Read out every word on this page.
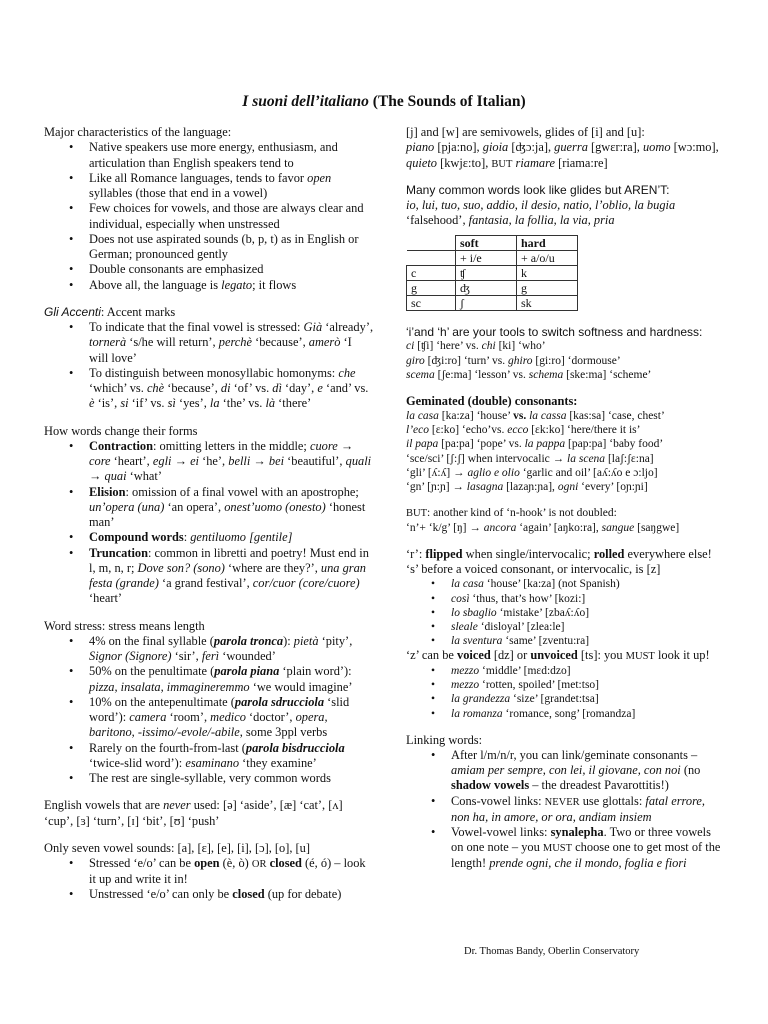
I suoni dell’italiano (The Sounds of Italian)

Major characteristics of the language:

• Native speakers use more energy, enthusiasm, and articulation than English speakers tend to
• Like all Romance languages, tends to favor open syllables (those that end in a vowel)
• Few choices for vowels, and those are always clear and individual, especially when unstressed
• Does not use aspirated sounds (b, p, t) as in English or German; pronounced gently
• Double consonants are emphasized
• Above all, the language is legato; it flows

Gli Accenti: Accent marks

• To indicate that the final vowel is stressed: Già ‘already’, tornerà ‘s/he will return’, perchè ‘because’, amerò ‘I will love’
• To distinguish between monosyllabic homonyms: che ‘which’ vs. chè ‘because’, di ‘of’ vs. dì ‘day’, e ‘and’ vs. è ‘is’, si ‘if’ vs. sì ‘yes’, la ‘the’ vs. là ‘there’

How words change their forms

• Contraction: omitting letters in the middle; cuore → core ‘heart’, egli → ei ‘he’, belli → bei ‘beautiful’, quali → quai ‘what’
• Elision: omission of a final vowel with an apostrophe; un’opera (una) ‘an opera’, onest’uomo (onesto) ‘honest man’
• Compound words: gentiluomo [gentile]
• Truncation: common in libretti and poetry! Must end in l, m, n, r; Dove son? (sono) ‘where are they?’, una gran festa (grande) ‘a grand festival’, cor/cuor (core/cuore) ‘heart’

Word stress: stress means length

• 4% on the final syllable (parola tronca): pietà ‘pity’, Signor (Signore) ‘sir’, ferì ‘wounded’
• 50% on the penultimate (parola piana ‘plain word’): pizza, insalata, immagineremmo ‘we would imagine’
• 10% on the antepenultimate (parola sdrucciola ‘slid word’): camera ‘room’, medico ‘doctor’, opera, baritono, -issimo/-evole/-abile, some 3ppl verbs
• Rarely on the fourth-from-last (parola bisdrucciola ‘twice-slid word’): esaminano ‘they examine’
• The rest are single-syllable, very common words

English vowels that are never used: [ə] ‘aside’, [æ] ‘cat’, [ʌ] ‘cup’, [ɜ] ‘turn’, [ɪ] ‘bit’, [ʊ] ‘push’

Only seven vowel sounds: [a], [ɛ], [e], [i], [ɔ], [o], [u]

• Stressed ‘e/o’ can be open (è, ò) OR closed (é, ó) – look it up and write it in!
• Unstressed ‘e/o’ can only be closed (up for debate)

[j] and [w] are semivowels, glides of [i] and [u]:

piano [pja:no], gioia [ʤɔ:ja], guerra [gwɛr:ra], uomo [wɔ:mo], quieto [kwjɛ:to], BUT riamare [riama:re]

Many common words look like glides but AREN’T:

io, lui, tuo, suo, addio, il desio, natio, l’oblio, la bugia ‘falsehood’, fantasia, la follia, la via, pria

	soft	hard
	+ i/e	+ a/o/u
c	ʧ	k
g	ʤ	g
sc	ʃ	sk

‘i’and ‘h’ are your tools to switch softness and hardness:

ci [ʧi] ‘here’ vs. chi [ki] ‘who’

giro [ʤi:ro] ‘turn’ vs. ghiro [gi:ro] ‘dormouse’

scema [ʃe:ma] ‘lesson’ vs. schema [ske:ma] ‘scheme’

Geminated (double) consonants:

la casa [ka:za] ‘house’ vs. la cassa [kas:sa] ‘case, chest’

l’eco [ɛ:ko] ‘echo’vs. ecco [ɛk:ko] ‘here/there it is’

il papa [pa:pa] ‘pope’ vs. la pappa [pap:pa] ‘baby food’

‘sce/sci’ [ʃ:ʃ] when intervocalic → la scena [laʃ:ʃɛ:na]

‘gli’ [ʎ:ʎ] → aglio e olio ‘garlic and oil’ [aʎ:ʎo e ɔ:ljo]

‘gn’ [ɲ:ɲ] → lasagna [lazaɲ:ɲa], ogni ‘every’ [oɲ:ɲi]

BUT: another kind of ‘n-hook’ is not doubled:

‘n’+ ‘k/g’ [ŋ] → ancora ‘again’ [aŋko:ra], sangue [saŋgwe]

‘r’: flipped when single/intervocalic; rolled everywhere else!

‘s’ before a voiced consonant, or intervocalic, is [z]

• la casa ‘house’ [ka:za] (not Spanish)
• così ‘thus, that’s how’ [kozi:]
• lo sbaglio ‘mistake’ [zbaʎ:ʎo]
• sleale ‘disloyal’ [zlea:le]
• la sventura ‘same’ [zventu:ra]

‘z’ can be voiced [dz] or unvoiced [ts]: you MUST look it up!

• mezzo ‘middle’ [mɛd:dzo]
• mezzo ‘rotten, spoiled’ [met:tso]
• la grandezza ‘size’ [grandet:tsa]
• la romanza ‘romance, song’ [romandza]

Linking words:

• After l/m/n/r, you can link/geminate consonants – amiam per sempre, con lei, il giovane, con noi (no shadow vowels – the dreadest Pavarottitis!)
• Cons-vowel links: NEVER use glottals: fatal errore, non ha, in amore, or ora, andiam insiem
• Vowel-vowel links: synalepha. Two or three vowels on one note – you MUST choose one to get most of the length! prende ogni, che il mondo, foglia e fiori
Dr. Thomas Bandy, Oberlin Conservatory
